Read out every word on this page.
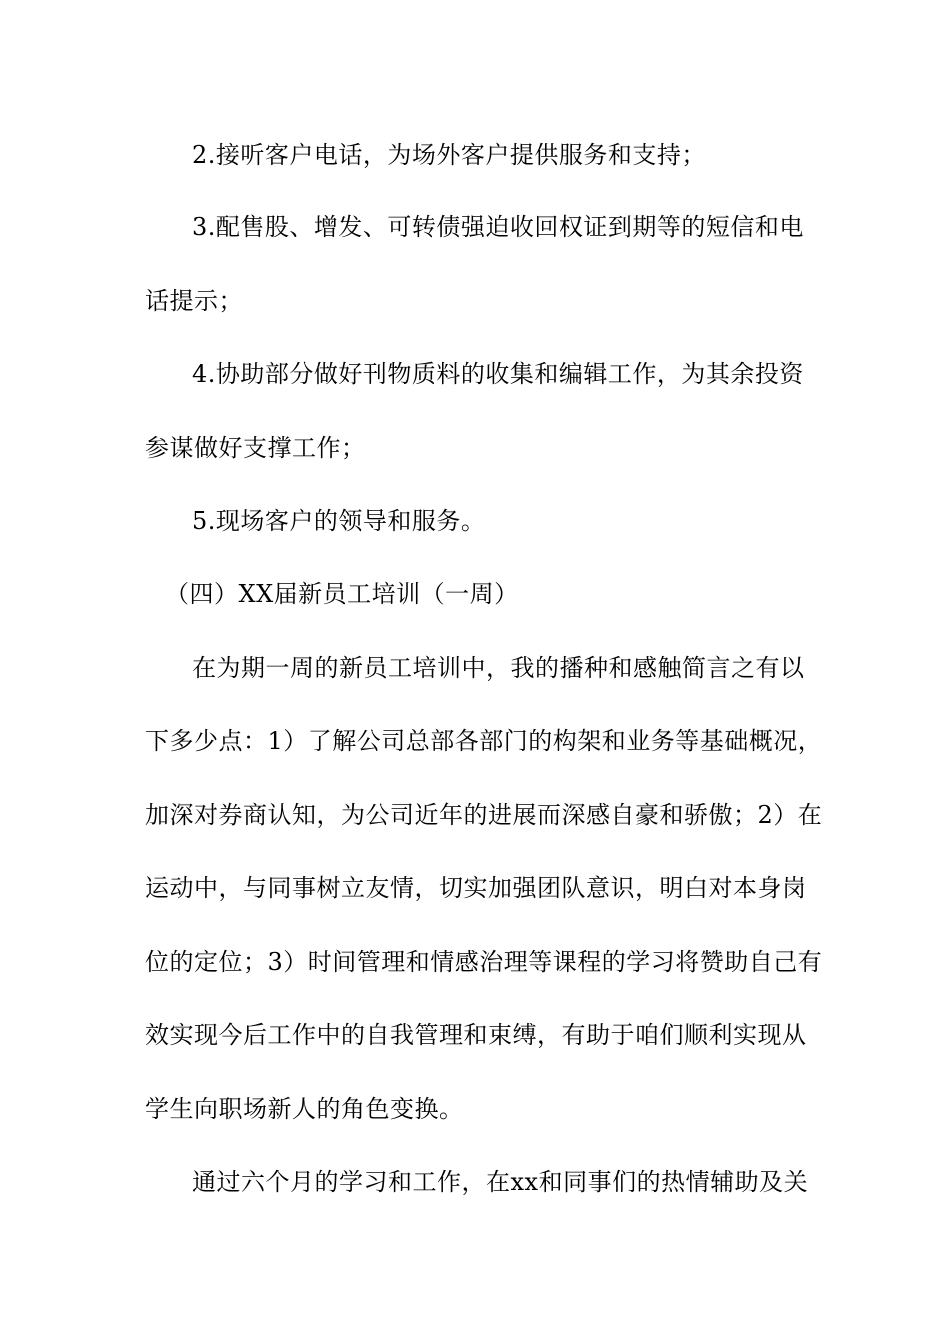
2.接听客户电话，为场外客户提供服务和支持；
3.配售股、增发、可转债强迫收回权证到期等的短信和电
话提示；
4.协助部分做好刊物质料的收集和编辑工作，为其余投资
参谋做好支撑工作；
5.现场客户的领导和服务。
（四）XX届新员工培训（一周）
在为期一周的新员工培训中，我的播种和感触简言之有以
下多少点：1）了解公司总部各部门的构架和业务等基础概况，
加深对券商认知，为公司近年的进展而深感自豪和骄傲；2）在
运动中，与同事树立友情，切实加强团队意识，明白对本身岗
位的定位；3）时间管理和情感治理等课程的学习将赞助自己有
效实现今后工作中的自我管理和束缚，有助于咱们顺利实现从
学生向职场新人的角色变换。
通过六个月的学习和工作，在xx和同事们的热情辅助及关
